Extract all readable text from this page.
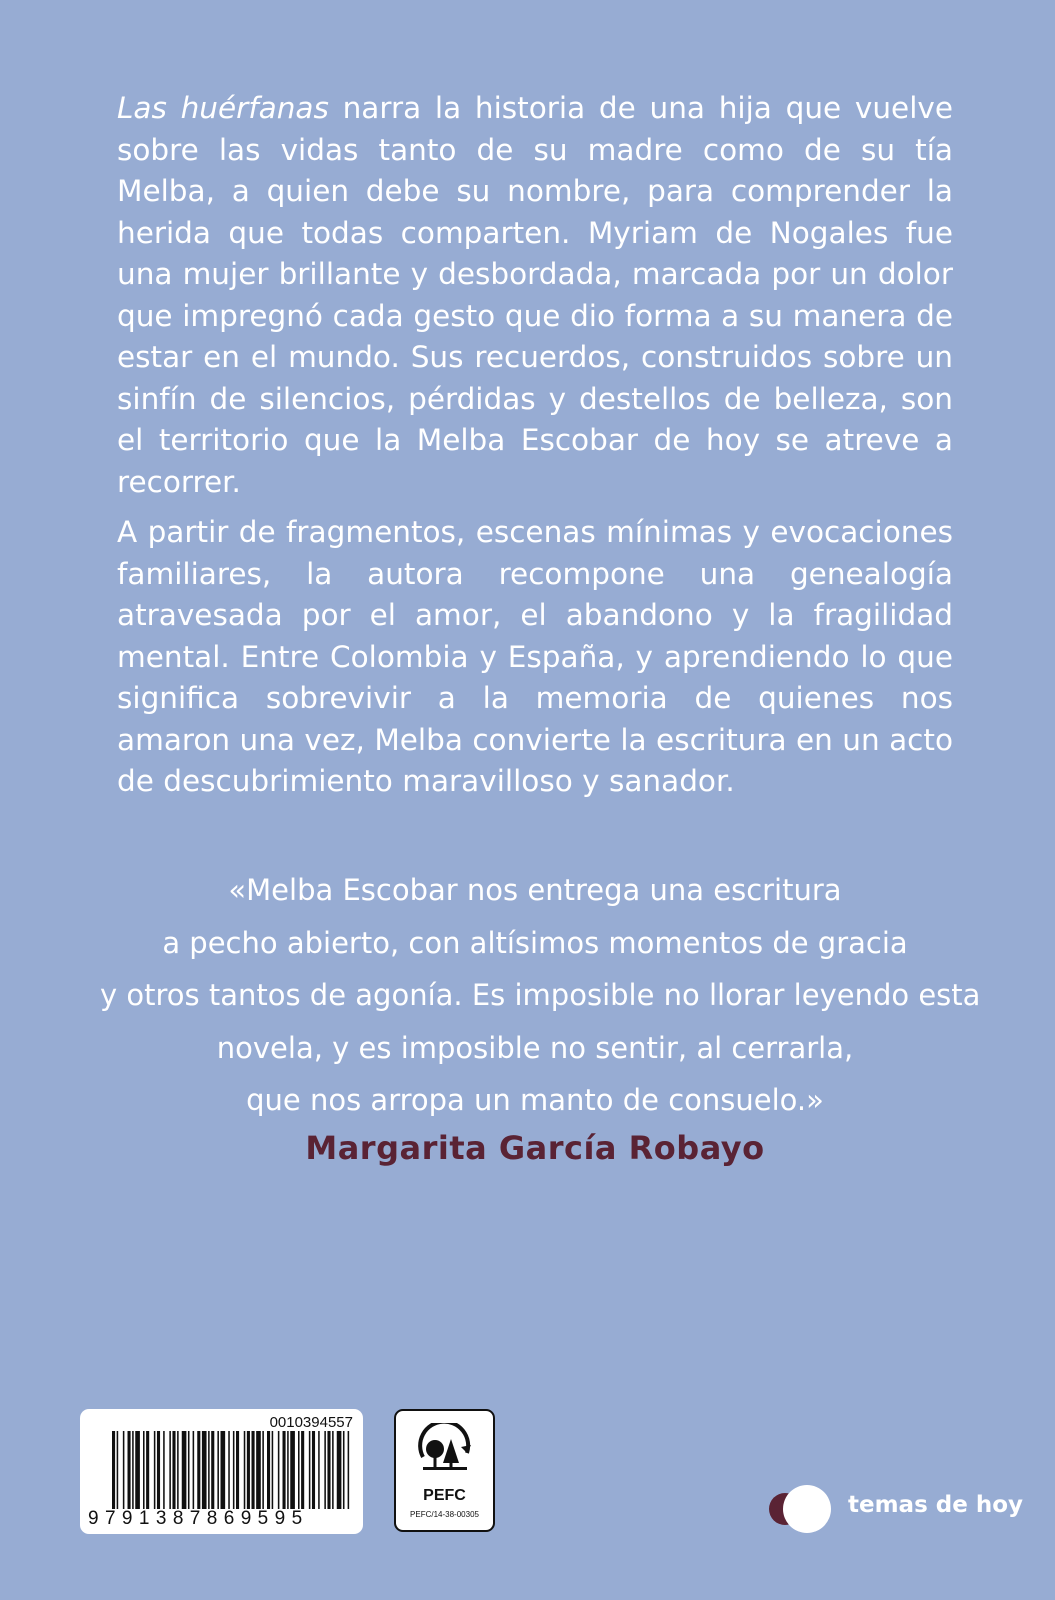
Las huérfanas narra la historia de una hija que vuelve sobre las vidas tanto de su madre como de su tía Melba, a quien debe su nombre, para comprender la herida que todas comparten. Myriam de Nogales fue una mujer brillante y desbordada, marcada por un dolor que impregnó cada gesto que dio forma a su manera de estar en el mundo. Sus recuerdos, construidos sobre un sinfín de silencios, pérdidas y destellos de belleza, son el territorio que la Melba Escobar de hoy se atreve a recorrer.

A partir de fragmentos, escenas mínimas y evocaciones familiares, la autora recompone una genealogía atravesada por el amor, el abandono y la fragilidad mental. Entre Colombia y España, y aprendiendo lo que significa sobrevivir a la memoria de quienes nos amaron una vez, Melba convierte la escritura en un acto de descubrimiento maravilloso y sanador.

«Melba Escobar nos entrega una escritura
a pecho abierto, con altísimos momentos de gracia
y otros tantos de agonía. Es imposible no llorar leyendo esta
novela, y es imposible no sentir, al cerrarla,
que nos arropa un manto de consuelo.»
Margarita García Robayo
0010394557
9791387869595
PEFC
PEFC/14-38-00305	temas de hoy
